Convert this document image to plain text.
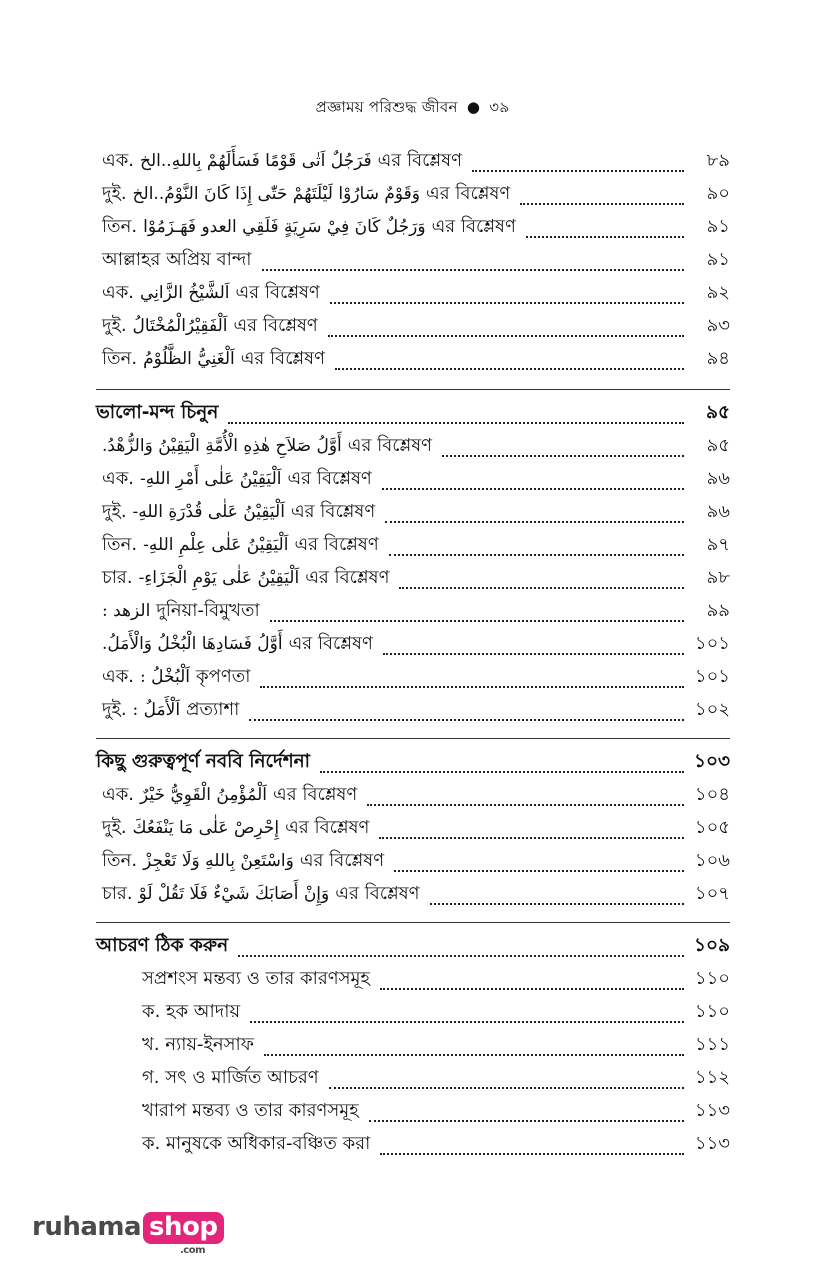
প্রজ্ঞাময় পরিশুদ্ধ জীবন ● ৩৯
এক. فَرَجُلٌ اَتٰى قَوْمًا فَسَأَلَهُمْ بِاللهِ..الخ এর বিশ্লেষণ	৮৯
দুই. وَقَوْمٌ سَارُوْا لَيْلَتَهُمْ حَتّٰى إِذَا كَانَ النَّوْمُ..الخ এর বিশ্লেষণ	৯০
তিন. وَرَجُلٌ كَانَ فِيْ سَرِيَةٍ فَلَقِي العدو فَهَـزَمُوْا এর বিশ্লেষণ	৯১
আল্লাহর অপ্রিয় বান্দা	৯১
এক. اَلشَّيْخُ الزَّانِي এর বিশ্লেষণ	৯২
দুই. اَلْفَقِيْرُالْمُخْتَالُ এর বিশ্লেষণ	৯৩
তিন. اَلْغَنِيُّ الظَّلُوْمُ এর বিশ্লেষণ	৯৪
ভালো-মন্দ চিনুন	৯৫
أَوَّلُ صَلاَحِ هٰذِهِ الْأُمَّةِ الْيَقِيْنُ وَالزُّهْدُ. এর বিশ্লেষণ	৯৫
এক. اَلْيَقِيْنُ عَلٰى أَمْرِ اللهِ- এর বিশ্লেষণ	৯৬
দুই. اَلْيَقِيْنُ عَلٰى قُدْرَةِ اللهِ- এর বিশ্লেষণ	৯৬
তিন. اَلْيَقِيْنُ عَلٰى عِلْمِ اللهِ- এর বিশ্লেষণ	৯৭
চার. اَلْيَقِيْنُ عَلٰى يَوْمِ الْجَزَاءِ- এর বিশ্লেষণ	৯৮
الزهد : দুনিয়া-বিমুখতা	৯৯
أَوَّلُ فَسَادِهَا الْبُخْلُ وَالْأَمَلُ. এর বিশ্লেষণ	১০১
এক. اَلْبُخْلُ : কৃপণতা	১০১
দুই. اَلْأَمَلُ : প্রত্যাশা	১০২
কিছু গুরুত্বপূর্ণ নববি নির্দেশনা	১০৩
এক. اَلْمُؤْمِنُ الْقَوِيُّ خَيْرٌ এর বিশ্লেষণ	১০৪
দুই. إِحْرِصْ عَلٰى مَا يَنْفَعُكَ এর বিশ্লেষণ	১০৫
তিন. وَاسْتَعِنْ بِاللهِ وَلَا تَعْجِزْ এর বিশ্লেষণ	১০৬
চার. وَإِنْ أَصَابَكَ شَيْءٌ فَلَا تَقُلْ لَوْ এর বিশ্লেষণ	১০৭
আচরণ ঠিক করুন	১০৯
সপ্রশংস মন্তব্য ও তার কারণসমূহ	১১০
ক. হক আদায়	১১০
খ. ন্যায়-ইনসাফ	১১১
গ. সৎ ও মার্জিত আচরণ	১১২
খারাপ মন্তব্য ও তার কারণসমূহ	১১৩
ক. মানুষকে অধিকার-বঞ্চিত করা	১১৩
ruhama shop
.com
